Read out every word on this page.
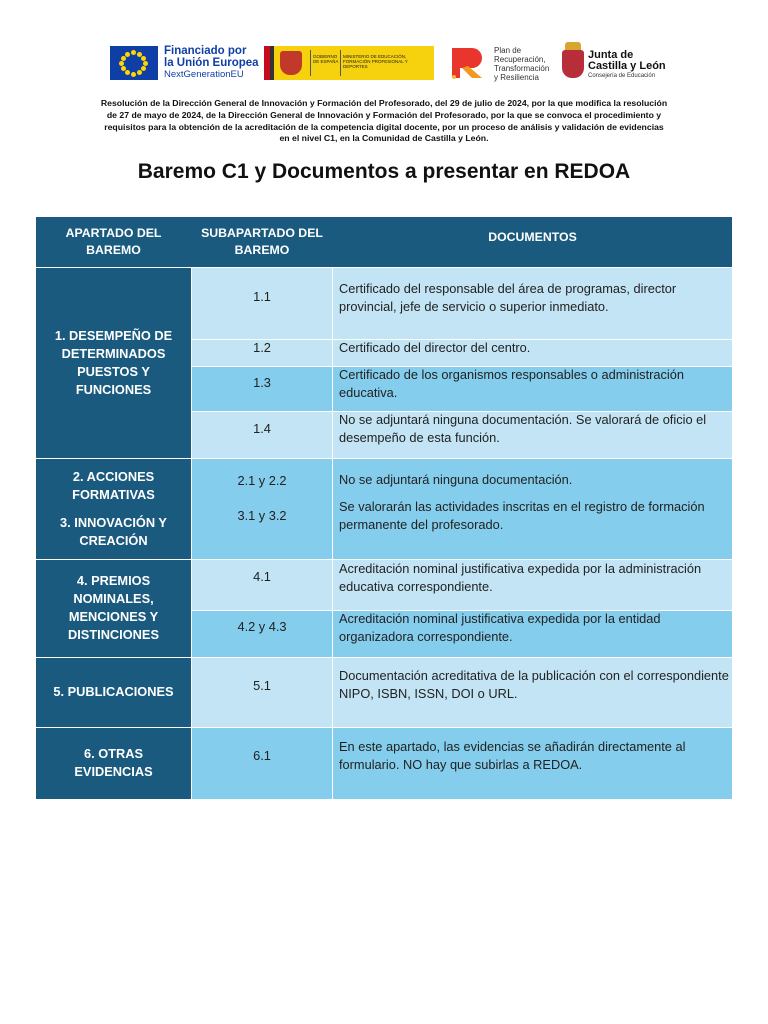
Financiado por
la Unión Europea
NextGenerationEU
GOBIERNO DE ESPAÑA
MINISTERIO DE EDUCACIÓN, FORMACIÓN PROFESIONAL Y DEPORTES
Plan de
Recuperación,
Transformación
y Resiliencia
Junta de
Castilla y León
Consejería de Educación
Resolución de la Dirección General de Innovación y Formación del Profesorado, del 29 de julio de 2024, por la que modifica la resolución de 27 de mayo de 2024, de la Dirección General de Innovación y Formación del Profesorado, por la que se convoca el procedimiento y requisitos para la obtención de la acreditación de la competencia digital docente, por un proceso de análisis y validación de evidencias en el nivel C1, en la Comunidad de Castilla y León.
Baremo C1 y Documentos a presentar en REDOA
APARTADO DEL BAREMO
SUBAPARTADO DEL BAREMO
DOCUMENTOS
1. DESEMPEÑO DE DETERMINADOS PUESTOS Y FUNCIONES
1.1
Certificado del responsable del área de programas, director provincial, jefe de servicio o superior inmediato.
1.2	Certificado del director del centro.
1.3
Certificado de los organismos responsables o administración educativa.
1.4
No se adjuntará ninguna documentación. Se valorará de oficio el desempeño de esta función.
2. ACCIONES FORMATIVAS
3. INNOVACIÓN Y CREACIÓN
2.1 y 2.2
3.1 y 3.2
No se adjuntará ninguna documentación.
Se valorarán las actividades inscritas en el registro de formación permanente del profesorado.
4. PREMIOS NOMINALES, MENCIONES Y DISTINCIONES
4.1
Acreditación nominal justificativa expedida por la administración educativa correspondiente.
4.2 y 4.3
Acreditación nominal justificativa expedida por la entidad organizadora correspondiente.
5. PUBLICACIONES	5.1
Documentación acreditativa de la publicación con el correspondiente NIPO, ISBN, ISSN, DOI o URL.
6. OTRAS EVIDENCIAS
6.1
En este apartado, las evidencias se añadirán directamente al formulario. NO hay que subirlas a REDOA.
